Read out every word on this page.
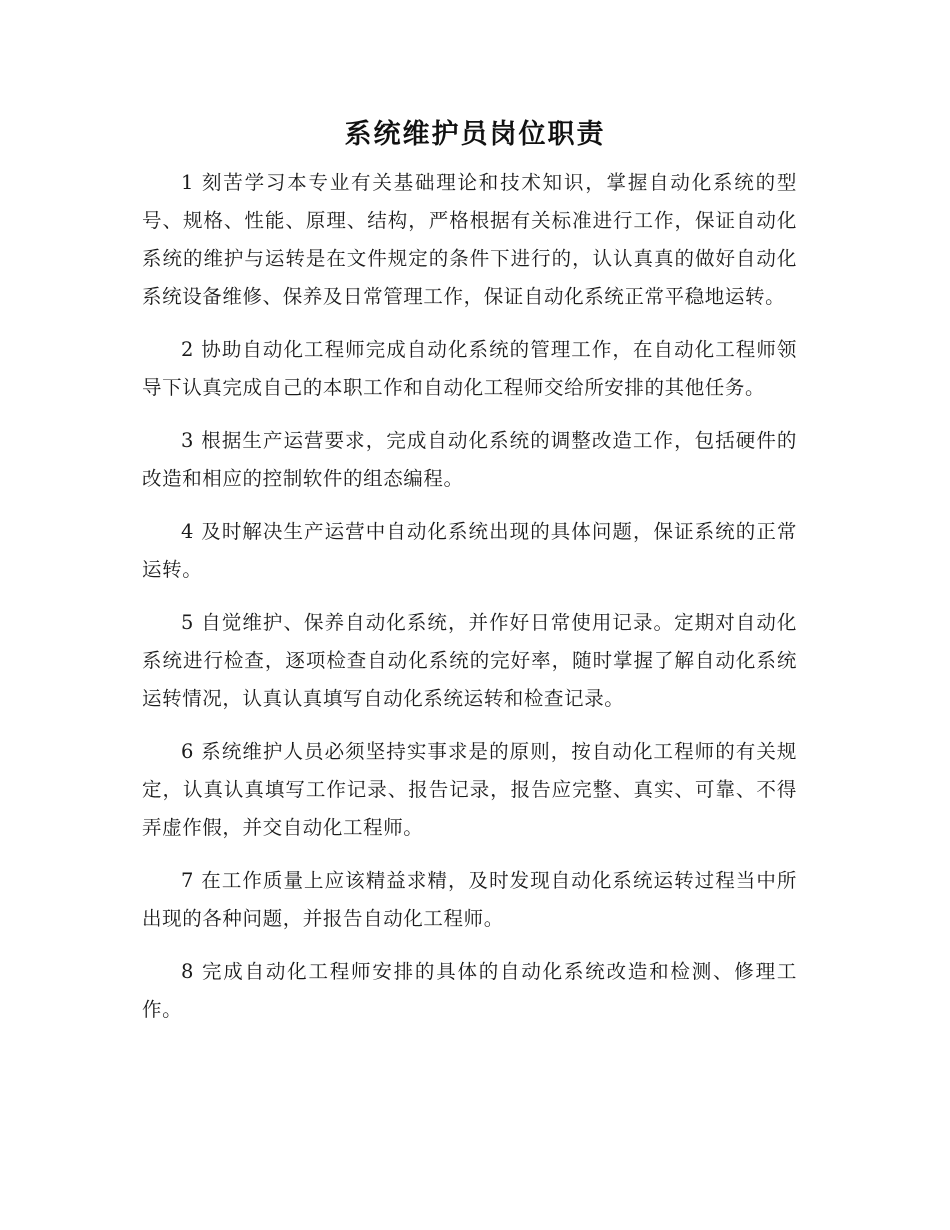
系统维护员岗位职责

1 刻苦学习本专业有关基础理论和技术知识，掌握自动化系统的型号、规格、性能、原理、结构，严格根据有关标准进行工作，保证自动化系统的维护与运转是在文件规定的条件下进行的，认认真真的做好自动化系统设备维修、保养及日常管理工作，保证自动化系统正常平稳地运转。

2 协助自动化工程师完成自动化系统的管理工作，在自动化工程师领导下认真完成自己的本职工作和自动化工程师交给所安排的其他任务。

3 根据生产运营要求，完成自动化系统的调整改造工作，包括硬件的改造和相应的控制软件的组态编程。

4 及时解决生产运营中自动化系统出现的具体问题，保证系统的正常运转。

5 自觉维护、保养自动化系统，并作好日常使用记录。定期对自动化系统进行检查，逐项检查自动化系统的完好率，随时掌握了解自动化系统运转情况，认真认真填写自动化系统运转和检查记录。

6 系统维护人员必须坚持实事求是的原则，按自动化工程师的有关规定，认真认真填写工作记录、报告记录，报告应完整、真实、可靠、不得弄虚作假，并交自动化工程师。

7 在工作质量上应该精益求精，及时发现自动化系统运转过程当中所出现的各种问题，并报告自动化工程师。

8 完成自动化工程师安排的具体的自动化系统改造和检测、修理工作。
